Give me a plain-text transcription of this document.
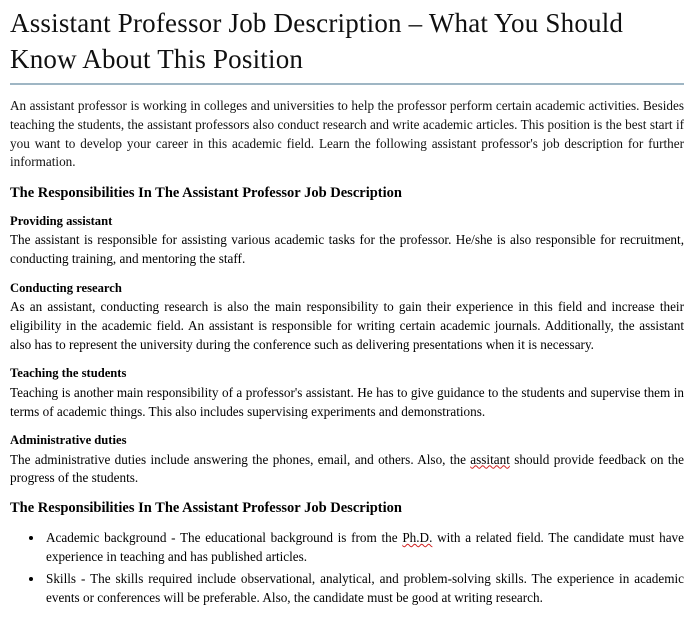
Assistant Professor Job Description – What You Should Know About This Position

An assistant professor is working in colleges and universities to help the professor perform certain academic activities. Besides teaching the students, the assistant professors also conduct research and write academic articles. This position is the best start if you want to develop your career in this academic field. Learn the following assistant professor's job description for further information.

The Responsibilities In The Assistant Professor Job Description
Providing assistant

The assistant is responsible for assisting various academic tasks for the professor. He/she is also responsible for recruitment, conducting training, and mentoring the staff.

Conducting research

As an assistant, conducting research is also the main responsibility to gain their experience in this field and increase their eligibility in the academic field. An assistant is responsible for writing certain academic journals. Additionally, the assistant also has to represent the university during the conference such as delivering presentations when it is necessary.

Teaching the students

Teaching is another main responsibility of a professor's assistant. He has to give guidance to the students and supervise them in terms of academic things. This also includes supervising experiments and demonstrations.

Administrative duties

The administrative duties include answering the phones, email, and others. Also, the assitant should provide feedback on the progress of the students.

The Responsibilities In The Assistant Professor Job Description
• Academic background - The educational background is from the Ph.D. with a related field. The candidate must have experience in teaching and has published articles.
• Skills - The skills required include observational, analytical, and problem-solving skills. The experience in academic events or conferences will be preferable. Also, the candidate must be good at writing research.
